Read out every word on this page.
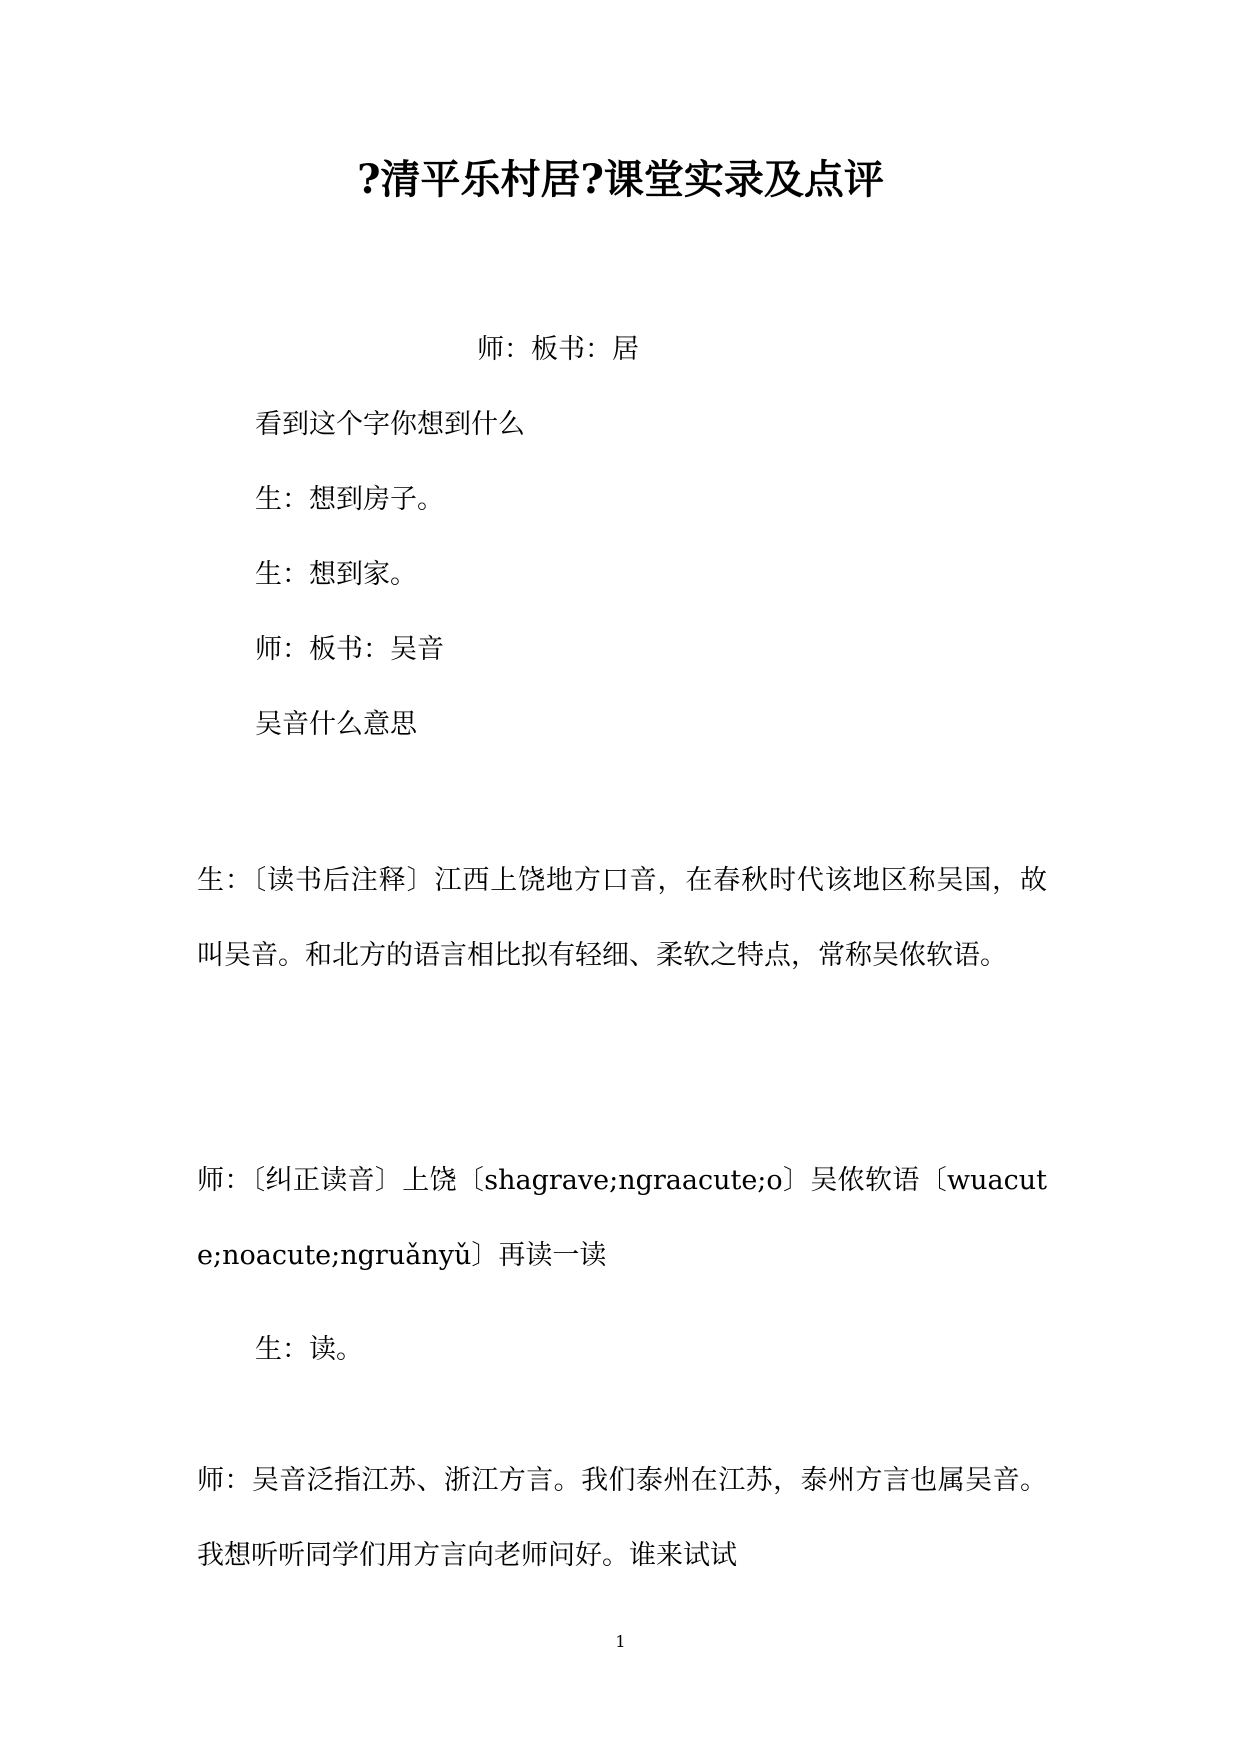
?清平乐村居?课堂实录及点评

师：板书：居

看到这个字你想到什么

生：想到房子。

生：想到家。

师：板书：吴音

吴音什么意思

生：〔读书后注释〕江西上饶地方口音，在春秋时代该地区称吴国，故叫吴音。和北方的语言相比拟有轻细、柔软之特点，常称吴侬软语。

师：〔纠正读音〕上饶〔shagrave;ngraacute;o〕吴侬软语〔wuacute;noacute;ngruǎnyǔ〕再读一读

生：读。

师：吴音泛指江苏、浙江方言。我们泰州在江苏，泰州方言也属吴音。我想听听同学们用方言向老师问好。谁来试试

1
